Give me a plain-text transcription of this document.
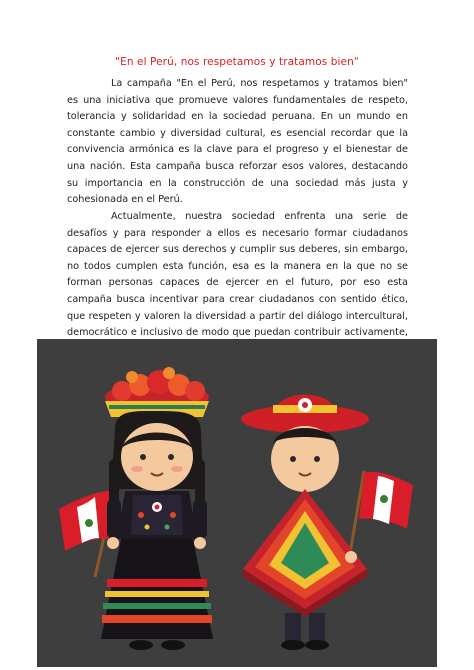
"En el Perú, nos respetamos y tratamos bien"

La campaña "En el Perú, nos respetamos y tratamos bien" es una iniciativa que promueve valores fundamentales de respeto, tolerancia y solidaridad en la sociedad peruana. En un mundo en constante cambio y diversidad cultural, es esencial recordar que la convivencia armónica es la clave para el progreso y el bienestar de una nación. Esta campaña busca reforzar esos valores, destacando su importancia en la construcción de una sociedad más justa y cohesionada en el Perú.

Actualmente, nuestra sociedad enfrenta una serie de desafíos y para responder a ellos es necesario formar ciudadanos capaces de ejercer sus derechos y cumplir sus deberes, sin embargo, no todos cumplen esta función, esa es la manera en la que no se forman personas capaces de ejercer en el futuro, por eso esta campaña busca incentivar para crear ciudadanos con sentido ético, que respeten y valoren la diversidad a partir del diálogo intercultural, democrático e inclusivo de modo que puedan contribuir activamente,
